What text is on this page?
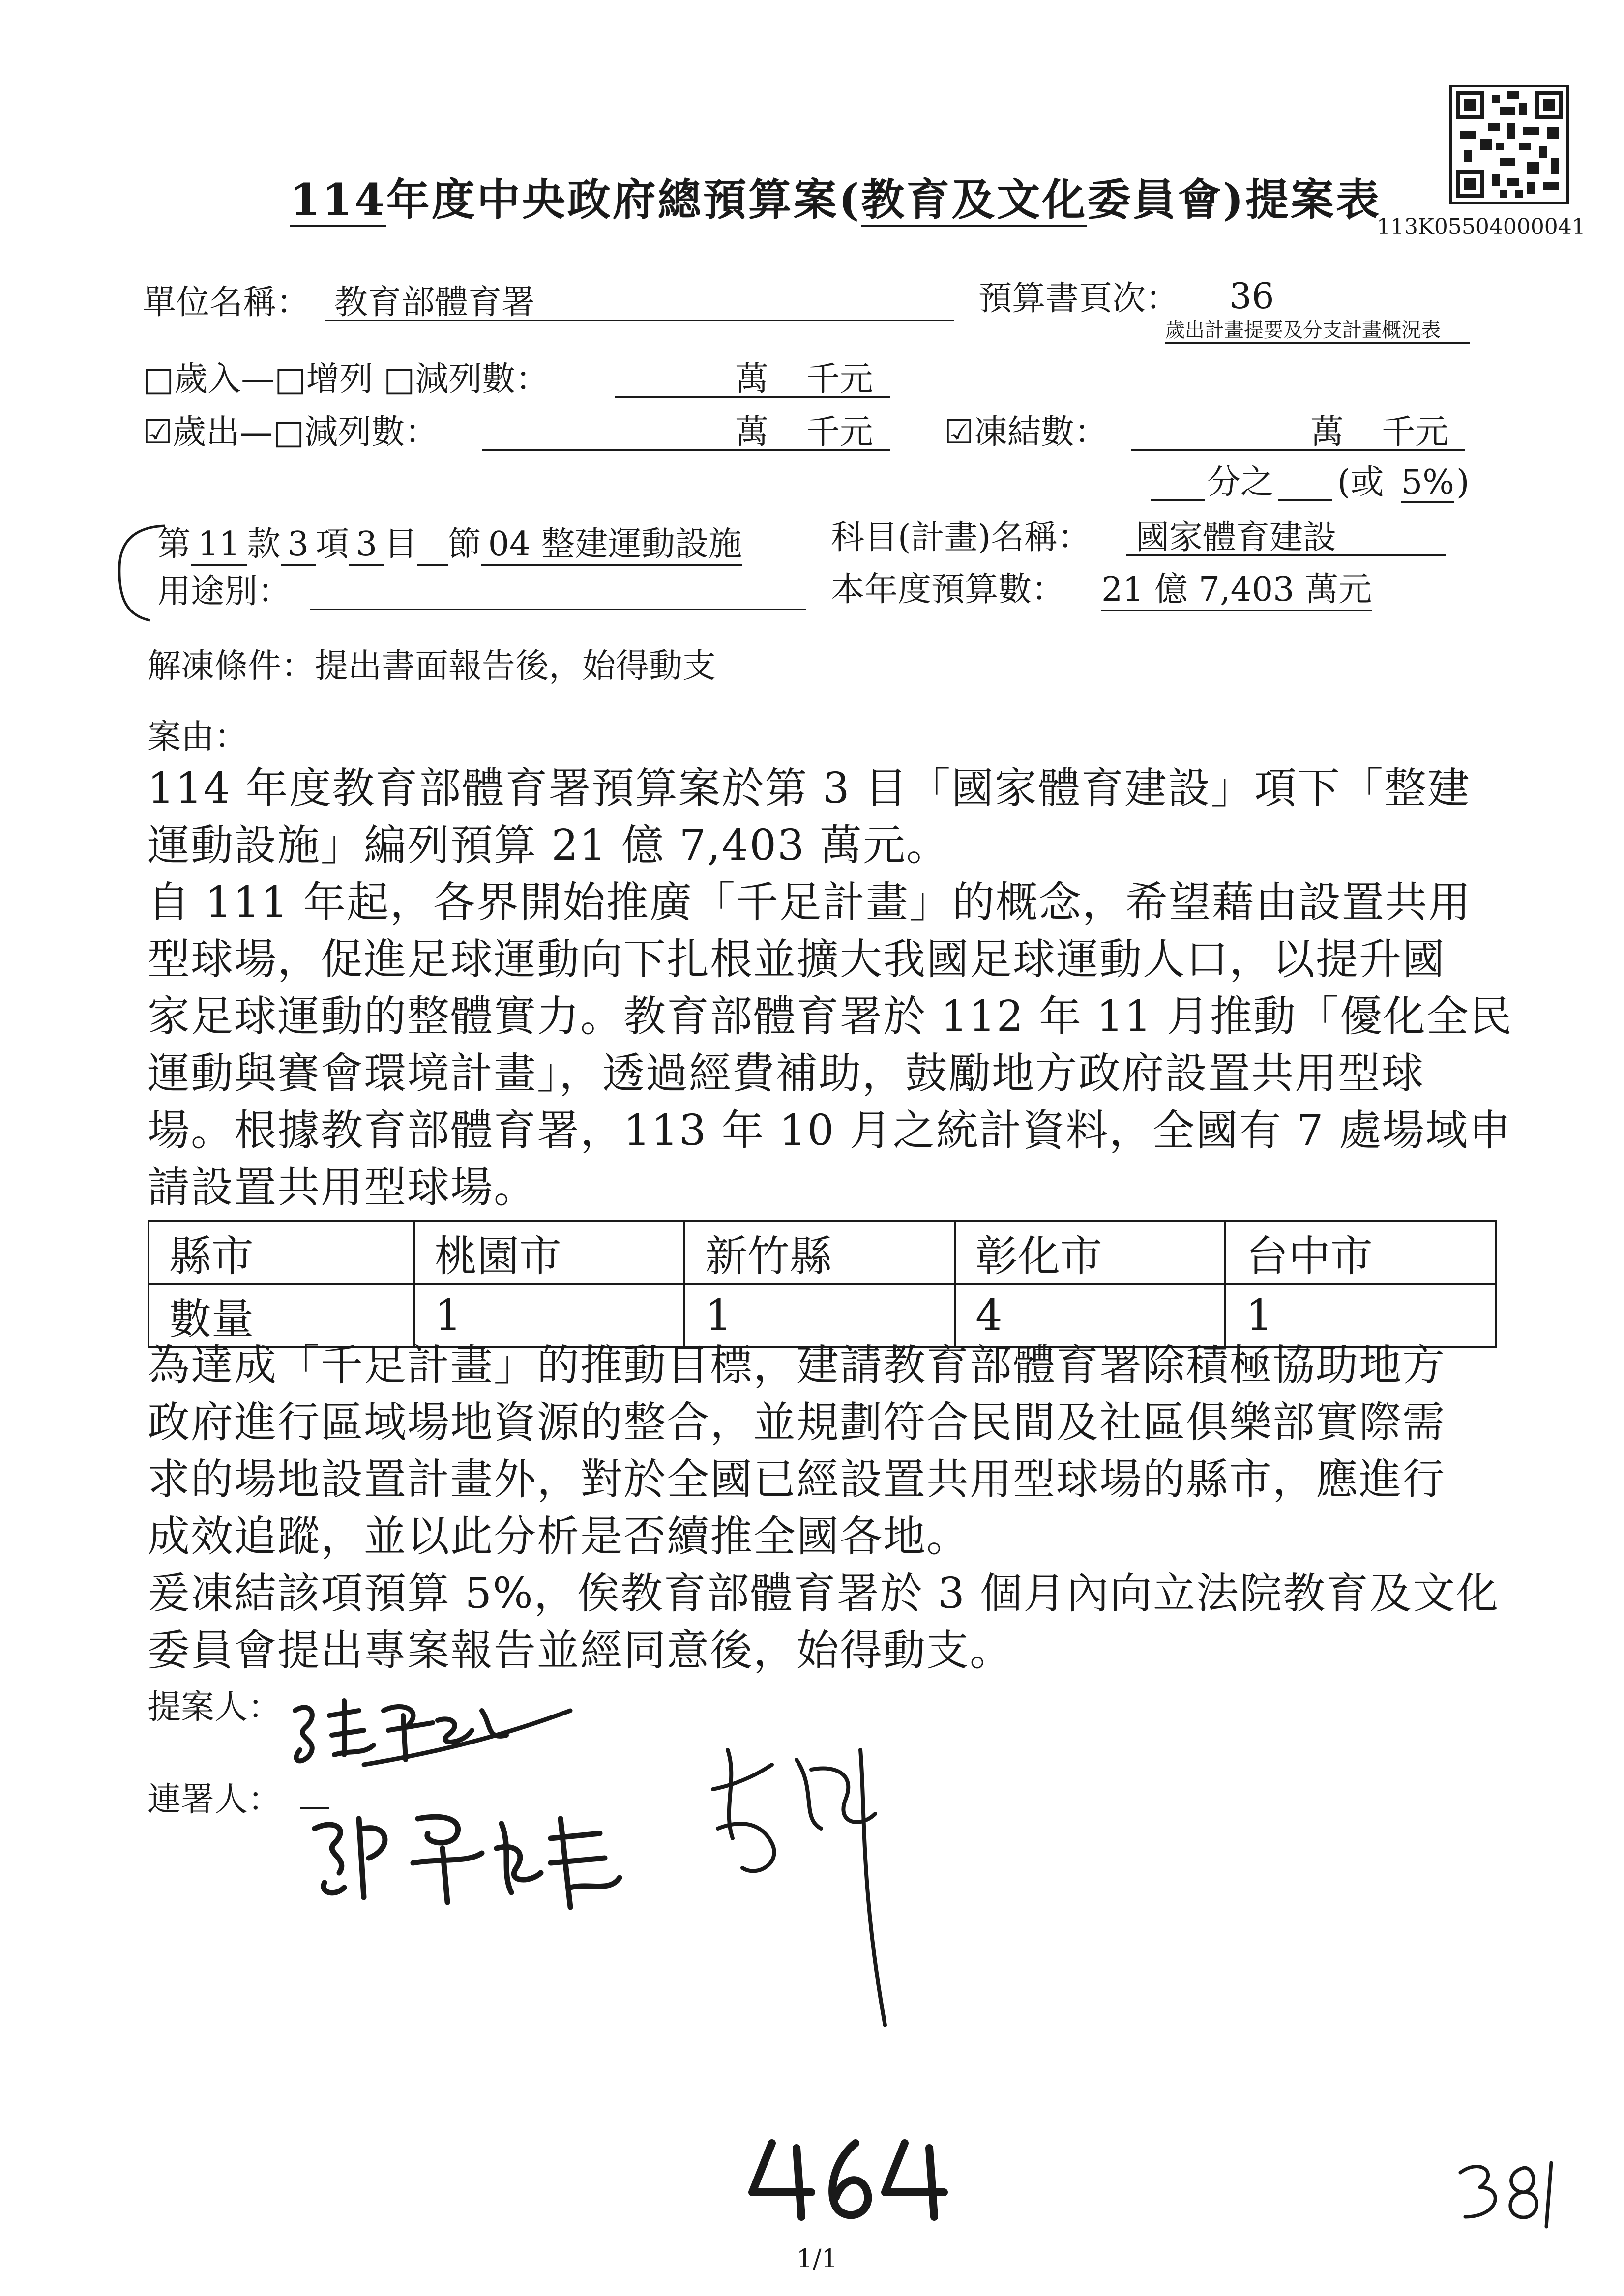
113K05504000041
114年度中央政府總預算案(教育及文化委員會)提案表
單位名稱： 教育部體育署	預算書頁次： 36
歲出計畫提要及分支計畫概況表
□歲入—□增列 □減列數：	萬 千元
☑歲出—□減列數：	萬 千元 ☑凍結數：	萬 千元
分之 (或 5% )
第 11 款 3 項 3 目 節 04 整建運動設施	科目(計畫)名稱： 國家體育建設
用途別：	本年度預算數： 21 億 7,403 萬元
解凍條件：提出書面報告後，始得動支
案由：
114 年度教育部體育署預算案於第 3 目「國家體育建設」項下「整建
運動設施」編列預算 21 億 7,403 萬元。
自 111 年起，各界開始推廣「千足計畫」的概念，希望藉由設置共用
型球場，促進足球運動向下扎根並擴大我國足球運動人口，以提升國
家足球運動的整體實力。教育部體育署於 112 年 11 月推動「優化全民
運動與賽會環境計畫」，透過經費補助，鼓勵地方政府設置共用型球
場。根據教育部體育署，113 年 10 月之統計資料，全國有 7 處場域申
請設置共用型球場。
縣市	桃園市	新竹縣	彰化市	台中市
數量	1	1	4	1
為達成「千足計畫」的推動目標，建請教育部體育署除積極協助地方
政府進行區域場地資源的整合，並規劃符合民間及社區俱樂部實際需
求的場地設置計畫外，對於全國已經設置共用型球場的縣市，應進行
成效追蹤，並以此分析是否續推全國各地。
爰凍結該項預算 5%，俟教育部體育署於 3 個月內向立法院教育及文化
委員會提出專案報告並經同意後，始得動支。
提案人：
連署人：
1/1
